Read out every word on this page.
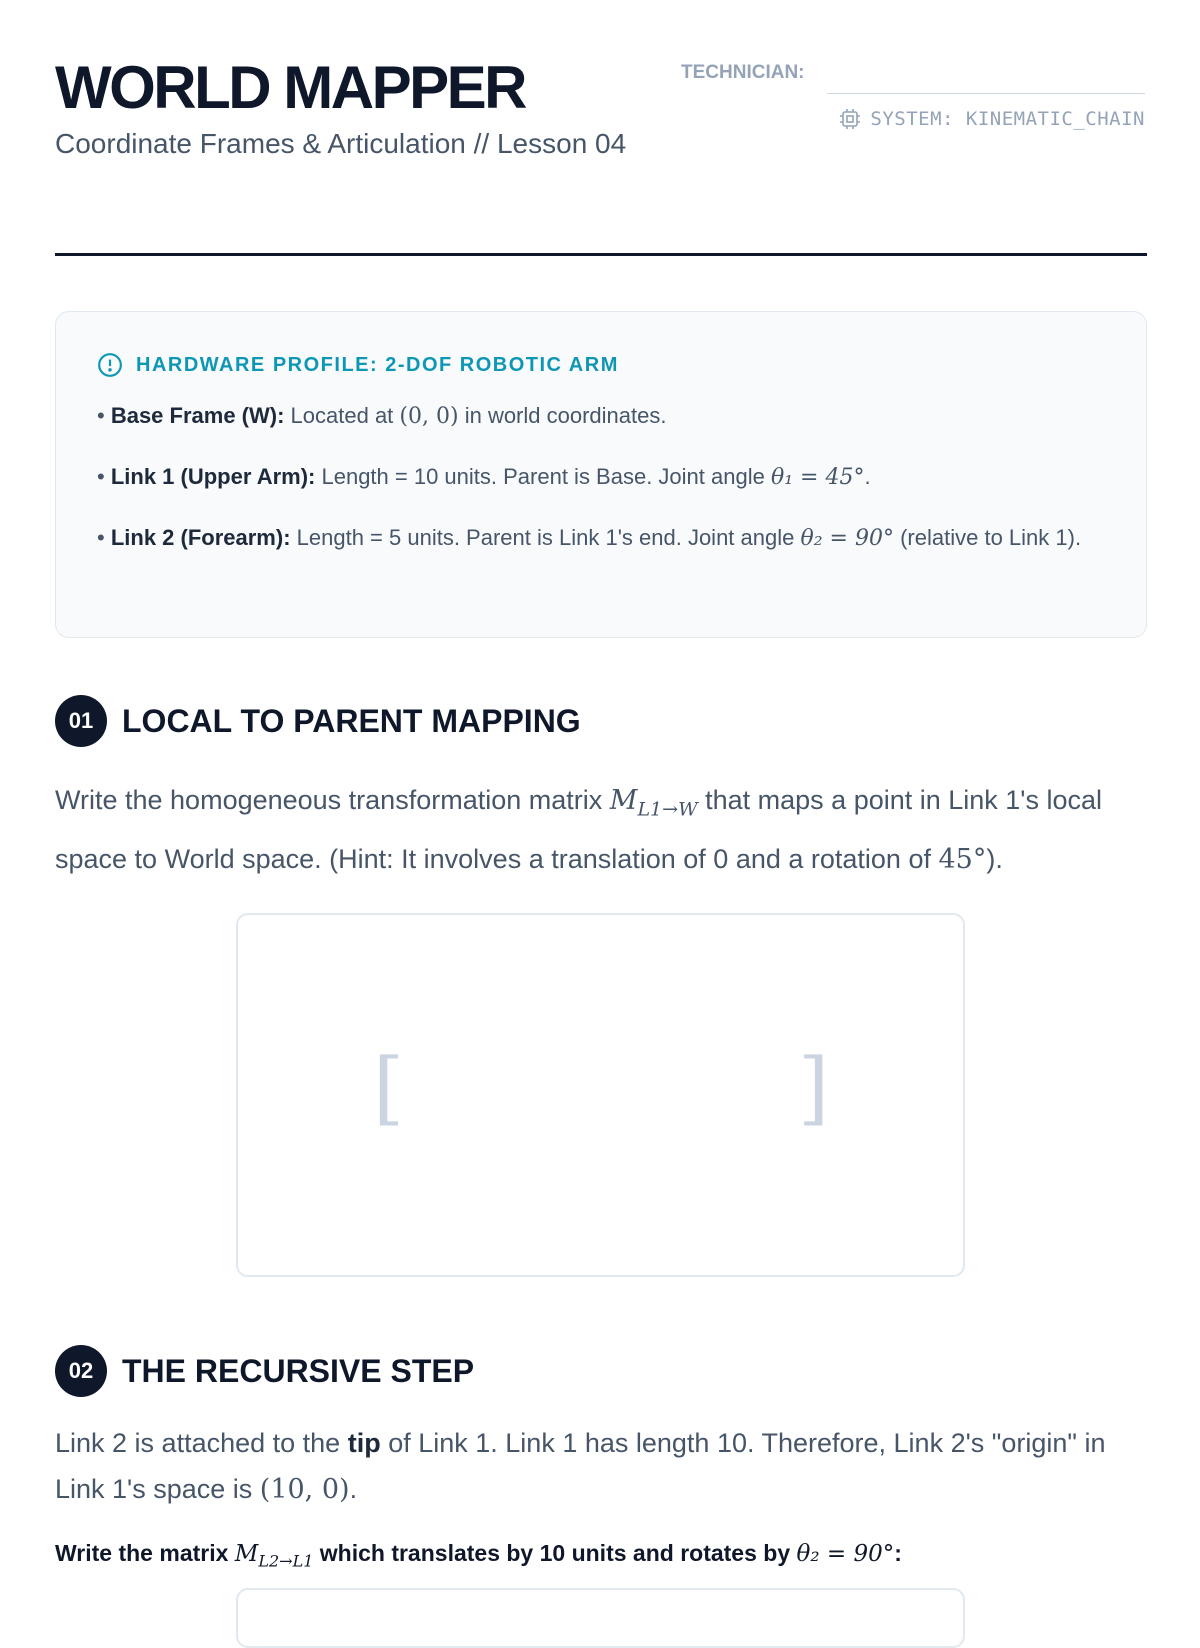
WORLD MAPPER

Coordinate Frames & Articulation // Lesson 04

TECHNICIAN:
SYSTEM: KINEMATIC_CHAIN
HARDWARE PROFILE: 2-DOF ROBOTIC ARM
• Base Frame (W): Located at (0, 0) in world coordinates.
• Link 1 (Upper Arm): Length = 10 units. Parent is Base. Joint angle θ₁ = 45°.
• Link 2 (Forearm): Length = 5 units. Parent is Link 1's end. Joint angle θ₂ = 90° (relative to Link 1).
01 LOCAL TO PARENT MAPPING

Write the homogeneous transformation matrix $M_{L1\to W}$ that maps a point in Link 1's local space to World space. (Hint: It involves a translation of 0 and a rotation of 45°).

[	]
02 THE RECURSIVE STEP

Link 2 is attached to the tip of Link 1. Link 1 has length 10. Therefore, Link 2's "origin" in Link 1's space is (10, 0).

Write the matrix $M_{L2\to L1}$ which translates by 10 units and rotates by θ₂ = 90°:
